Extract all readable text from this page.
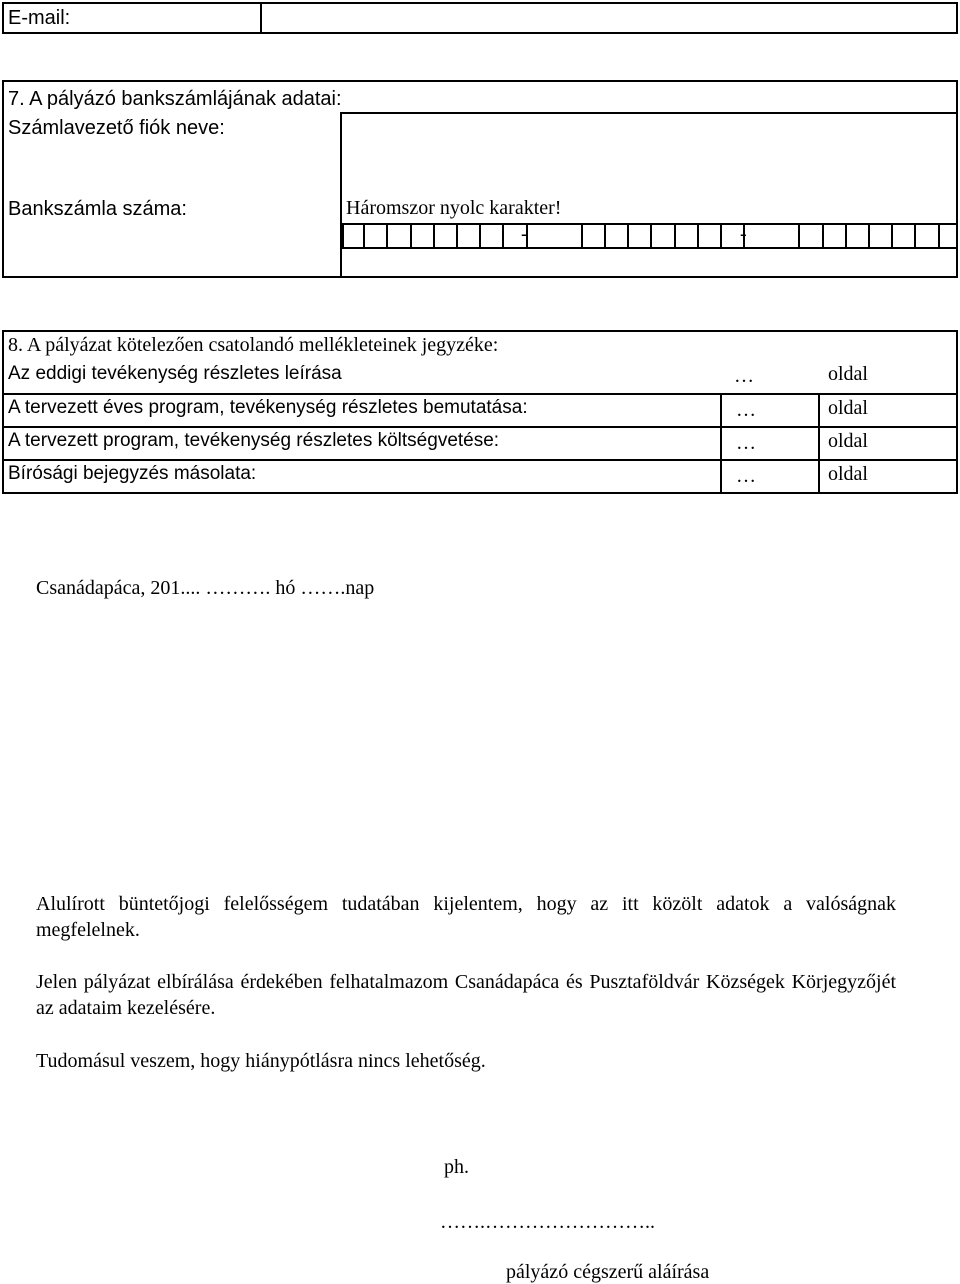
E-mail:
7. A pályázó bankszámlájának adatai:
Számlavezető fiók neve:
Bankszámla száma:	Háromszor nyolc karakter!
-	-
8. A pályázat kötelezően csatolandó mellékleteinek jegyzéke:
Az eddigi tevékenység részletes leírása	…	oldal
A tervezett éves program, tevékenység részletes bemutatása:	…	oldal
A tervezett program, tevékenység részletes költségvetése:	…	oldal
Bírósági bejegyzés másolata:	…	oldal
Csanádapáca, 201.... ………. hó …….nap
Alulírott büntetőjogi felelősségem tudatában kijelentem, hogy az itt közölt adatok a valóságnak megfelelnek.
Jelen pályázat elbírálása érdekében felhatalmazom Csanádapáca és Pusztaföldvár Községek Körjegyzőjét az adataim kezelésére.
Tudomásul veszem, hogy hiánypótlásra nincs lehetőség.
ph.
…….……………………..
pályázó cégszerű aláírása
